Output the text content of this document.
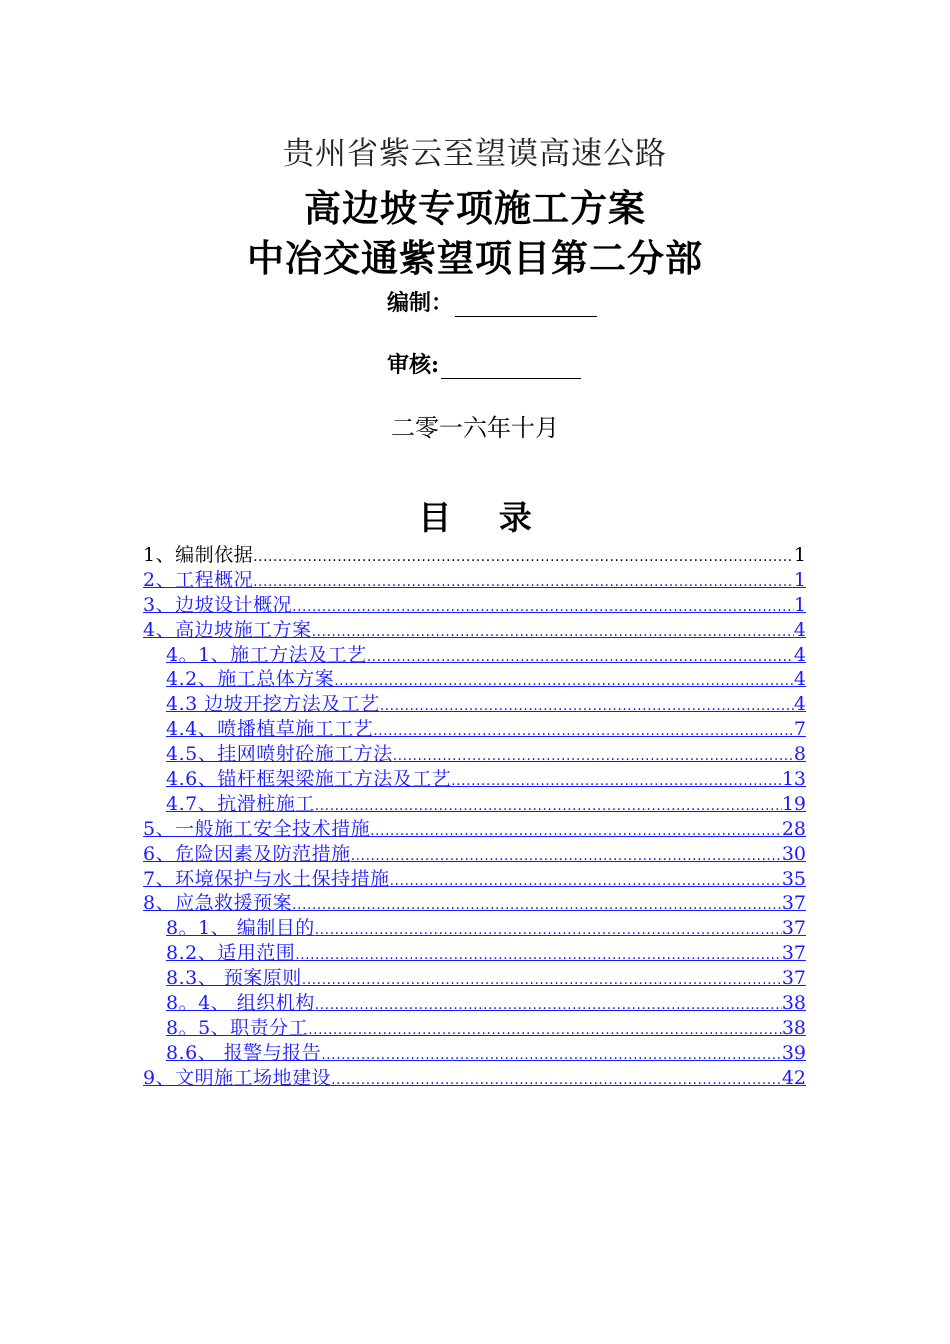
贵州省紫云至望谟高速公路
高边坡专项施工方案
中冶交通紫望项目第二分部
编制：
审核:
二零一六年十月
目 录
1、编制依据 .....	1
2、工程概况 .....	1
3、边坡设计概况 .....	1
4、高边坡施工方案 .....	4
4。1、施工方法及工艺 .....	4
4.2、施工总体方案 .....	4
4.3 边坡开挖方法及工艺 .....	4
4.4、喷播植草施工工艺 .....	7
4.5、挂网喷射砼施工方法 .....	8
4.6、锚杆框架梁施工方法及工艺 .....	13
4.7、抗滑桩施工 .....	19
5、一般施工安全技术措施 .....	28
6、危险因素及防范措施 .....	30
7、环境保护与水土保持措施 .....	35
8、应急救援预案 .....	37
8。1、 编制目的 .....	37
8.2、适用范围 .....	37
8.3、 预案原则 .....	37
8。4、 组织机构 .....	38
8。5、职责分工 .....	38
8.6、 报警与报告 .....	39
9、文明施工场地建设 .....	42
